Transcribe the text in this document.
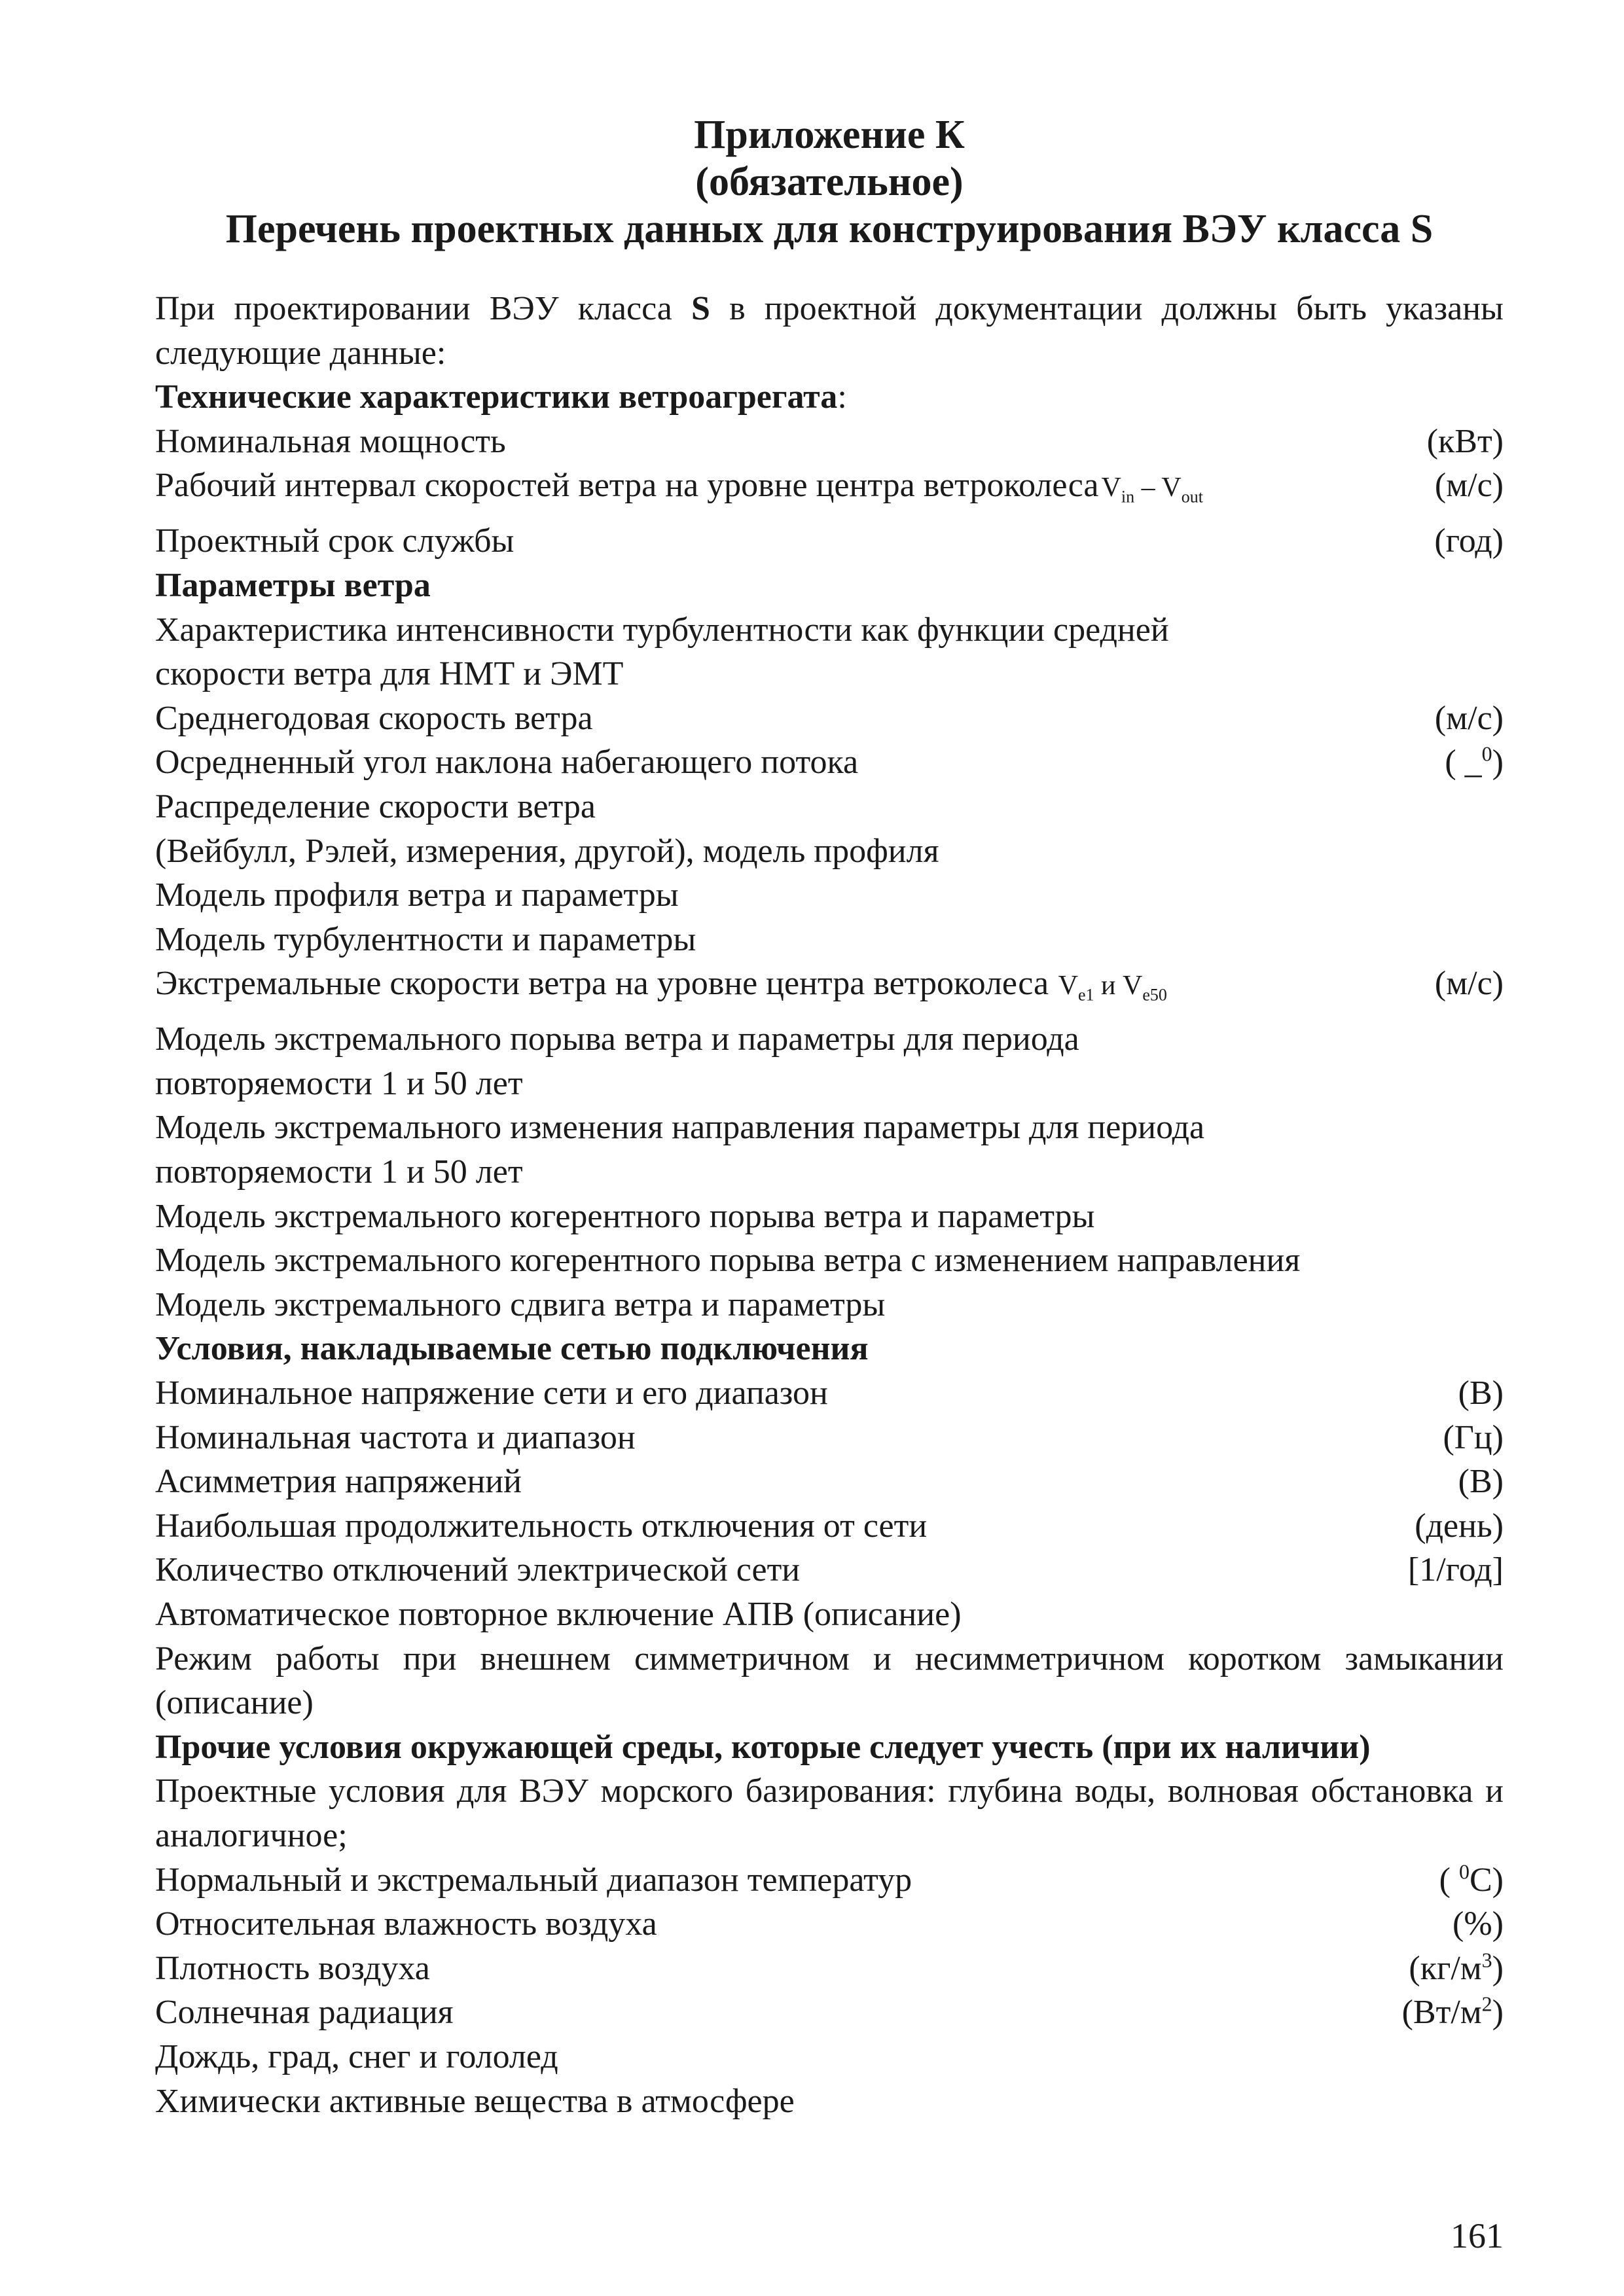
Приложение К
(обязательное)
Перечень проектных данных для конструирования ВЭУ класса S
При проектировании ВЭУ класса S в проектной документации должны быть указаны следующие данные:
Технические характеристики ветроагрегата:
Номинальная мощность	(кВт)
Рабочий интервал скоростей ветра на уровне центра ветроколесаV$_{in}$ – $V_{out}$	(м/с)
Проектный срок службы	(год)
Параметры ветра
Характеристика интенсивности турбулентности как функции средней
скорости ветра для НМТ и ЭМТ
Среднегодовая скорость ветра	(м/с)
Осредненный угол наклона набегающего потока	( _$^0$)
Распределение скорости ветра
(Вейбулл, Рэлей, измерения, другой), модель профиля
Модель профиля ветра и параметры
Модель турбулентности и параметры
Экстремальные скорости ветра на уровне центра ветроколеса $V_{e1}$ и $V_{e50}$	(м/с)
Модель экстремального порыва ветра и параметры для периода
повторяемости 1 и 50 лет
Модель экстремального изменения направления параметры для периода
повторяемости 1 и 50 лет
Модель экстремального когерентного порыва ветра и параметры
Модель экстремального когерентного порыва ветра с изменением направления
Модель экстремального сдвига ветра и параметры
Условия, накладываемые сетью подключения
Номинальное напряжение сети и его диапазон	(В)
Номинальная частота и диапазон	(Гц)
Асимметрия напряжений	(В)
Наибольшая продолжительность отключения от сети	(день)
Количество отключений электрической сети	[1/год]
Автоматическое повторное включение АПВ (описание)
Режим работы при внешнем симметричном и несимметричном коротком замыкании (описание)
Прочие условия окружающей среды, которые следует учесть (при их наличии)
Проектные условия для ВЭУ морского базирования: глубина воды, волновая обстановка и аналогичное;
Нормальный и экстремальный диапазон температур	( $^0$С)
Относительная влажность воздуха	(%)
Плотность воздуха	$(кг/м^3)$
Солнечная радиация	$(Вт/м^2)$
Дождь, град, снег и гололед
Химически активные вещества в атмосфере
161
